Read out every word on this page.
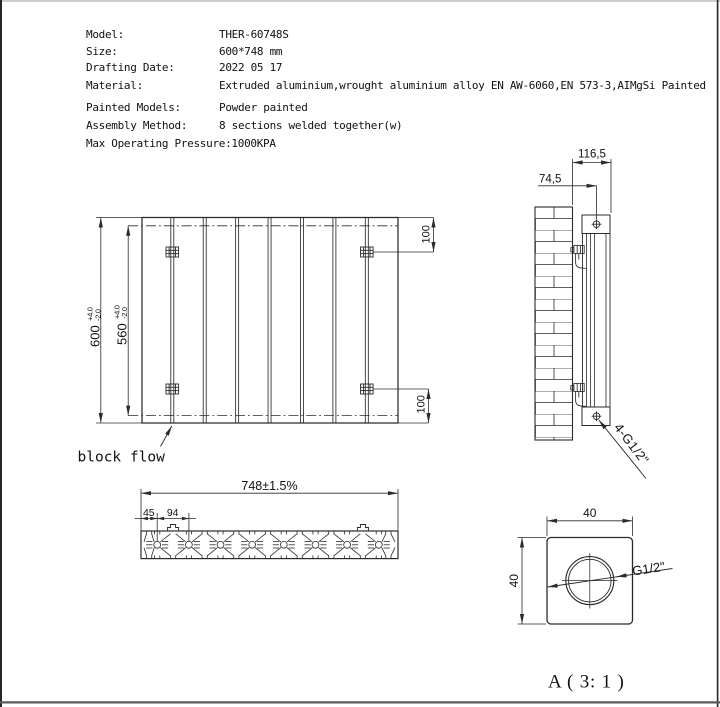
Model:	THER-60748S
Size:	600*748 mm
Drafting Date:	2022 05 17
Material:	Extruded aluminium,wrought aluminium alloy EN AW-6060,EN 573-3,AIMgSi Painted
Painted Models:	Powder painted
Assembly Method:	8 sections welded together(w)
Max Operating Pressure:1000KPA
600
+4.0
-2.0
560
+4.0
-2.0
100
100
block flow
116,5
74,5
4-G1/2"
748±1.5%
45 94	40
40
G1/2"
A ( 3: 1 )
